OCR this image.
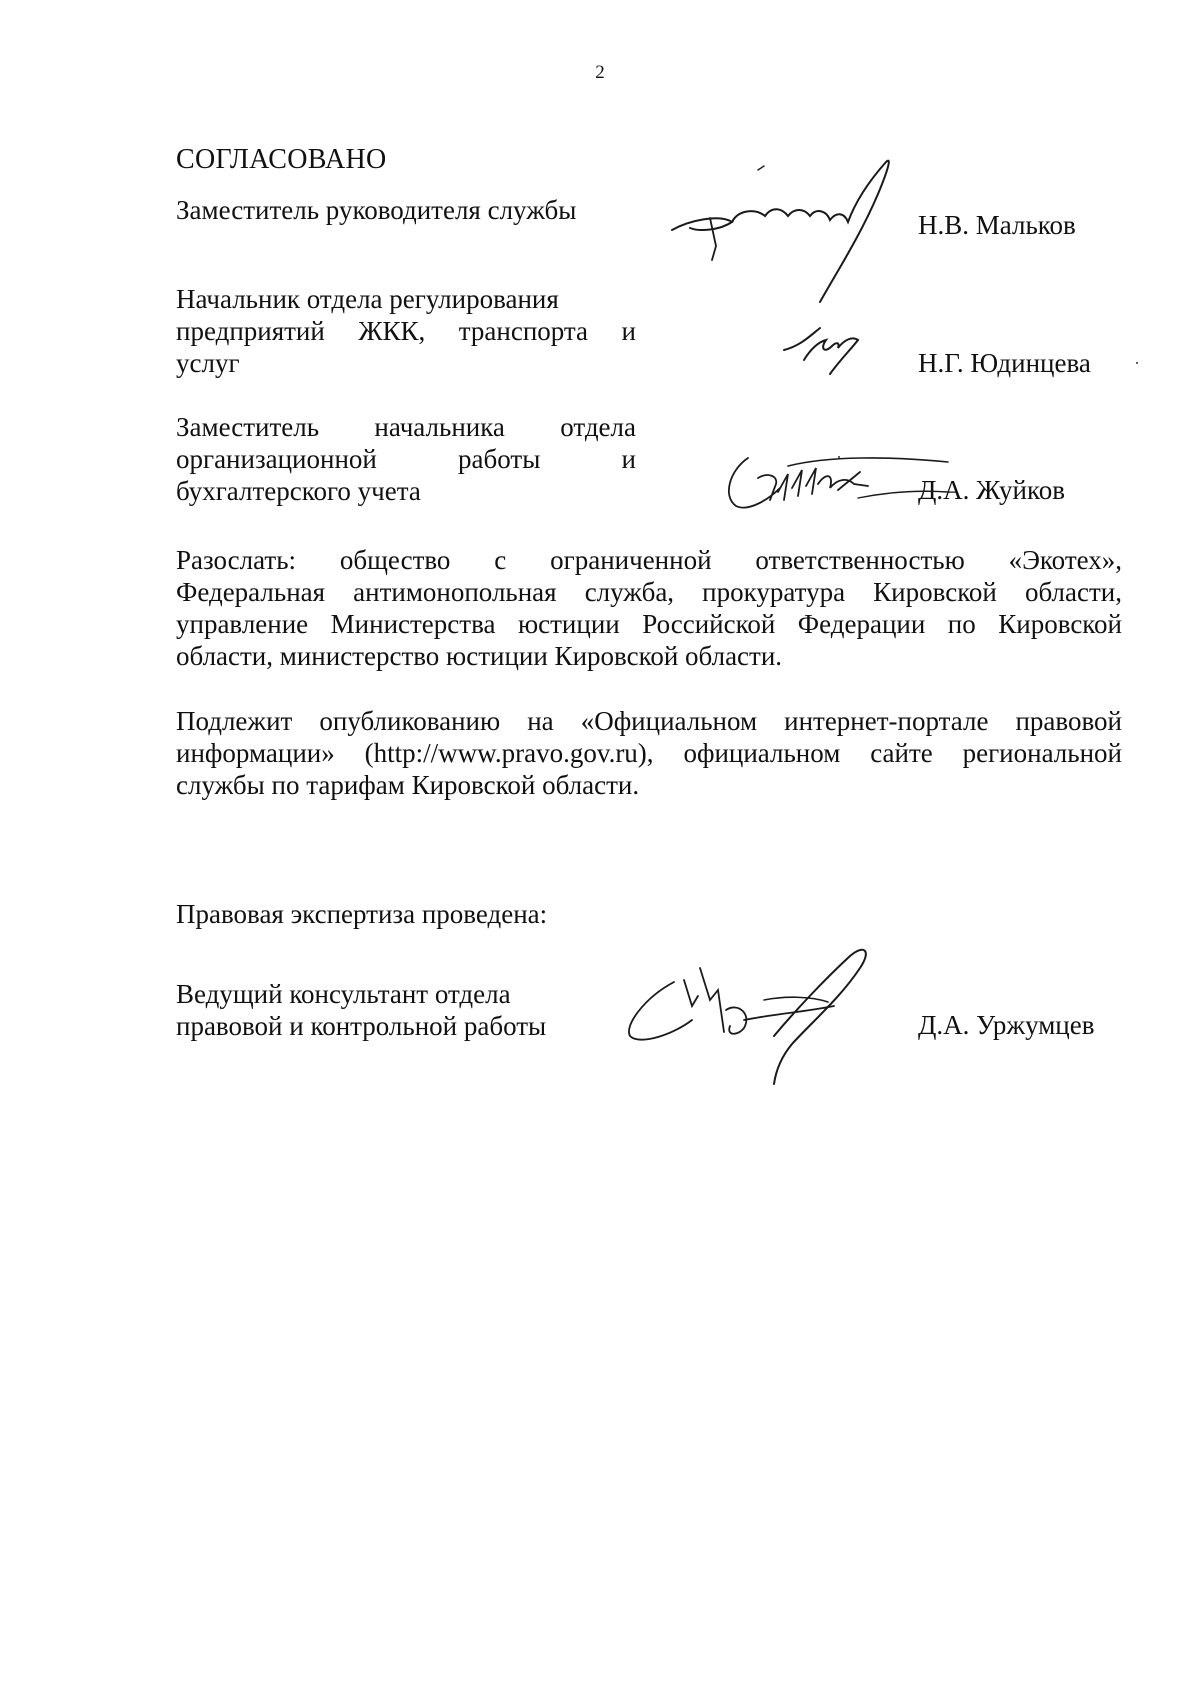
2
СОГЛАСОВАНО
Заместитель руководителя службы	Н.В. Мальков
Начальник отдела регулирования
предприятий ЖКК, транспорта и
услуг	Н.Г. Юдинцева
Заместитель начальника отдела
организационной работы и
бухгалтерского учета	Д.А. Жуйков
Разослать: общество с ограниченной ответственностью «Экотех»,
Федеральная антимонопольная служба, прокуратура Кировской области,
управление Министерства юстиции Российской Федерации по Кировской
области, министерство юстиции Кировской области.
Подлежит опубликованию на «Официальном интернет-портале правовой
информации» (http://www.pravo.gov.ru), официальном сайте региональной
службы по тарифам Кировской области.
Правовая экспертиза проведена:
Ведущий консультант отдела
правовой и контрольной работы	Д.А. Уржумцев
